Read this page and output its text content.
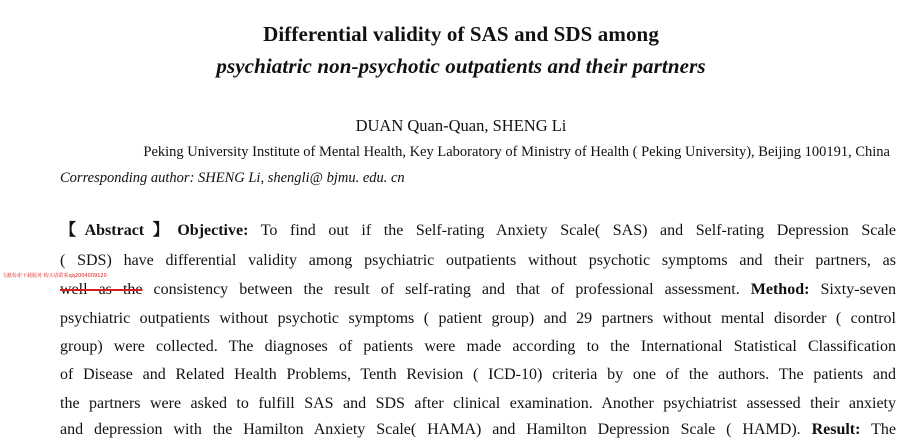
Differential validity of SAS and SDS among
psychiatric non-psychotic outpatients and their partners
DUAN Quan-Quan, SHENG Li
Peking University Institute of Mental Health, Key Laboratory of Ministry of Health ( Peking University), Beijing 100191, China
Corresponding author: SHENG Li, shengli@ bjmu. edu. cn
文献检索下载服务 购买请联系qq2004009120
【Abstract】Objective: To find out if the Self-rating Anxiety Scale( SAS) and Self-rating Depression Scale
( SDS) have differential validity among psychiatric outpatients without psychotic symptoms and their partners, as
well as the consistency between the result of self-rating and that of professional assessment. Method: Sixty-seven
psychiatric outpatients without psychotic symptoms ( patient group) and 29 partners without mental disorder ( control
group) were collected. The diagnoses of patients were made according to the International Statistical Classification
of Disease and Related Health Problems, Tenth Revision ( ICD-10) criteria by one of the authors. The patients and
the partners were asked to fulfill SAS and SDS after clinical examination. Another psychiatrist assessed their anxiety
and depression with the Hamilton Anxiety Scale( HAMA) and Hamilton Depression Scale ( HAMD). Result: The
